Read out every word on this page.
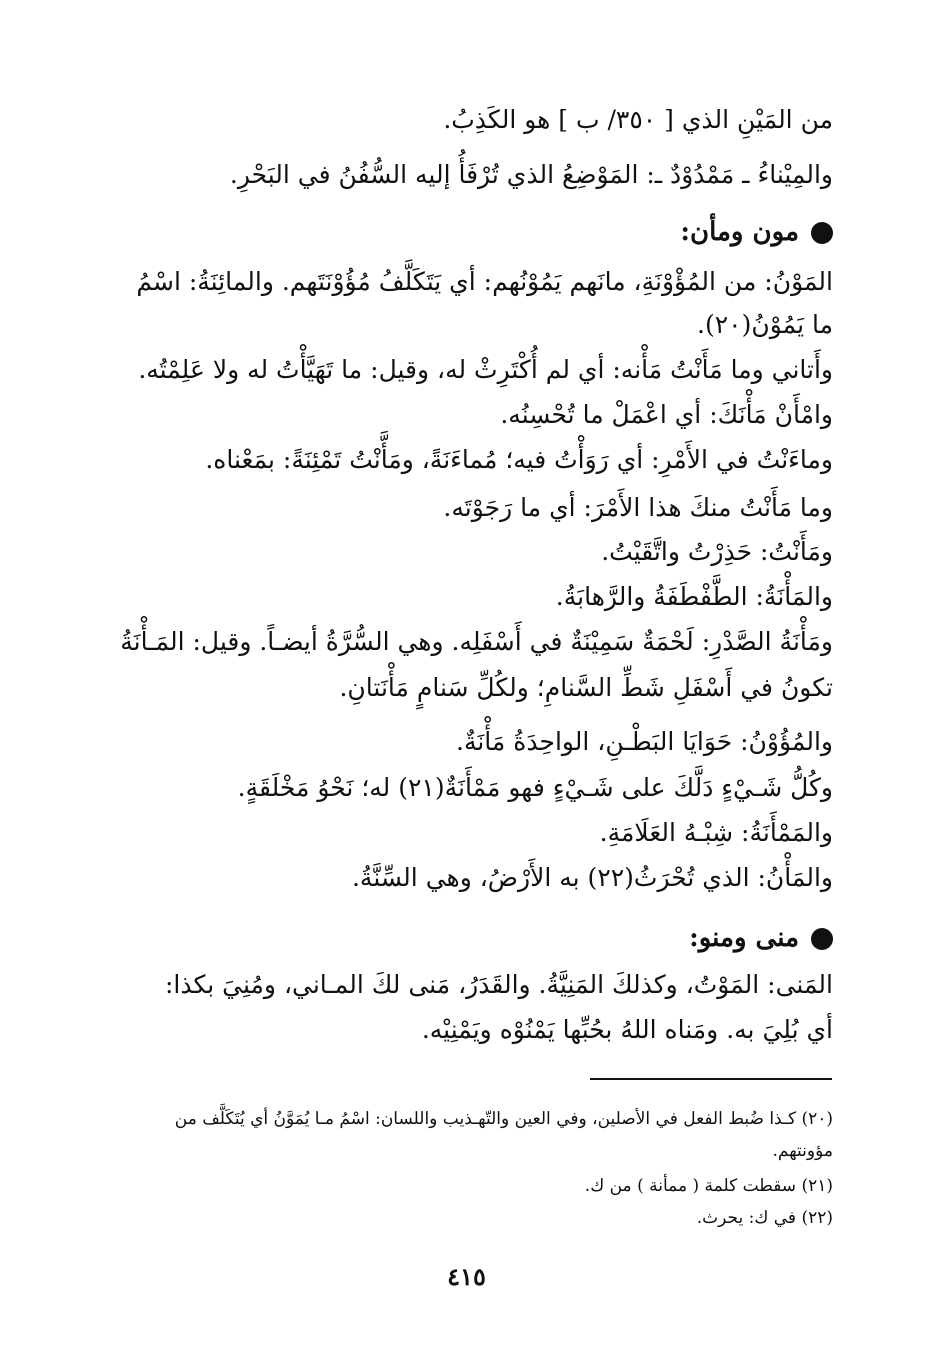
من المَيْنِ الذي [ ٣٥٠/ ب ] هو الكَذِبُ.
والمِيْناءُ ـ مَمْدُوْدٌ ـ: المَوْضِعُ الذي تُرْفَأُ إليه السُّفُنُ في البَحْرِ.
مون ومأن:
المَوْنُ: من المُؤْوْنَةِ، مانَهم يَمُوْنُهم: أي يَتَكَلَّفُ مُؤُوْنَتَهم. والمائِنَةُ: اسْمُ
ما يَمُوْنُ(٢٠).
وأَتاني وما مَأَنْتُ مَأْنه: أي لم أُكْتَرِثْ له، وقيل: ما تَهَيَّأْتُ له ولا عَلِمْتُه.
وامْأَنْ مَأْنَكَ: أي اعْمَلْ ما تُحْسِنُه.
وماءَنْتُ في الأَمْرِ: أي رَوَأْتُ فيه؛ مُماءَنَةً، ومَأَّنْتُ تَمْئِنَةً: بمَعْناه.
وما مَأَنْتُ منكَ هذا الأَمْرَ: أي ما رَجَوْتَه.
ومَأَنْتُ: حَذِرْتُ واتَّقَيْتُ.
والمَأْنَةُ: الطَّفْطَفَةُ والرَّهابَةُ.
ومَأْنَةُ الصَّدْرِ: لَحْمَةٌ سَمِيْنَةٌ في أَسْفَلِه. وهي السُّرَّةُ أيضـاً. وقيل: المَـأْنَةُ
تكونُ في أَسْفَلِ شَطِّ السَّنامِ؛ ولكُلِّ سَنامٍ مَأْنَتانِ.
والمُؤُوْنُ: حَوَايَا البَطْـنِ، الواحِدَةُ مَأْنَةٌ.
وكُلُّ شَـيْءٍ دَلَّكَ على شَـيْءٍ فهو مَمْأَنَةٌ(٢١) له؛ نَحْوُ مَخْلَقَةٍ.
والمَمْأَنَةُ: شِبْـهُ العَلَامَةِ.
والمَأْنُ: الذي تُحْرَثُ(٢٢) به الأَرْضُ، وهي السِّنَّةُ.
منى ومنو:
المَنى: المَوْتُ، وكذلكَ المَنِيَّةُ. والقَدَرُ، مَنى لكَ المـاني، ومُنِيَ بكذا:
أي بُلِيَ به. ومَناه اللهُ بحُبِّها يَمْنُوْه ويَمْنِيْه.
(٢٠) كـذا ضُبط الفعل في الأصلين، وفي العين والتّهـذيب واللسان: اسْمُ مـا يُمَوَّنُ أي يُتَكَلَّف من
مؤونتهم.
(٢١) سقطت كلمة ( ممأنة ) من ك.
(٢٢) في ك: يحرث.
٤١٥
